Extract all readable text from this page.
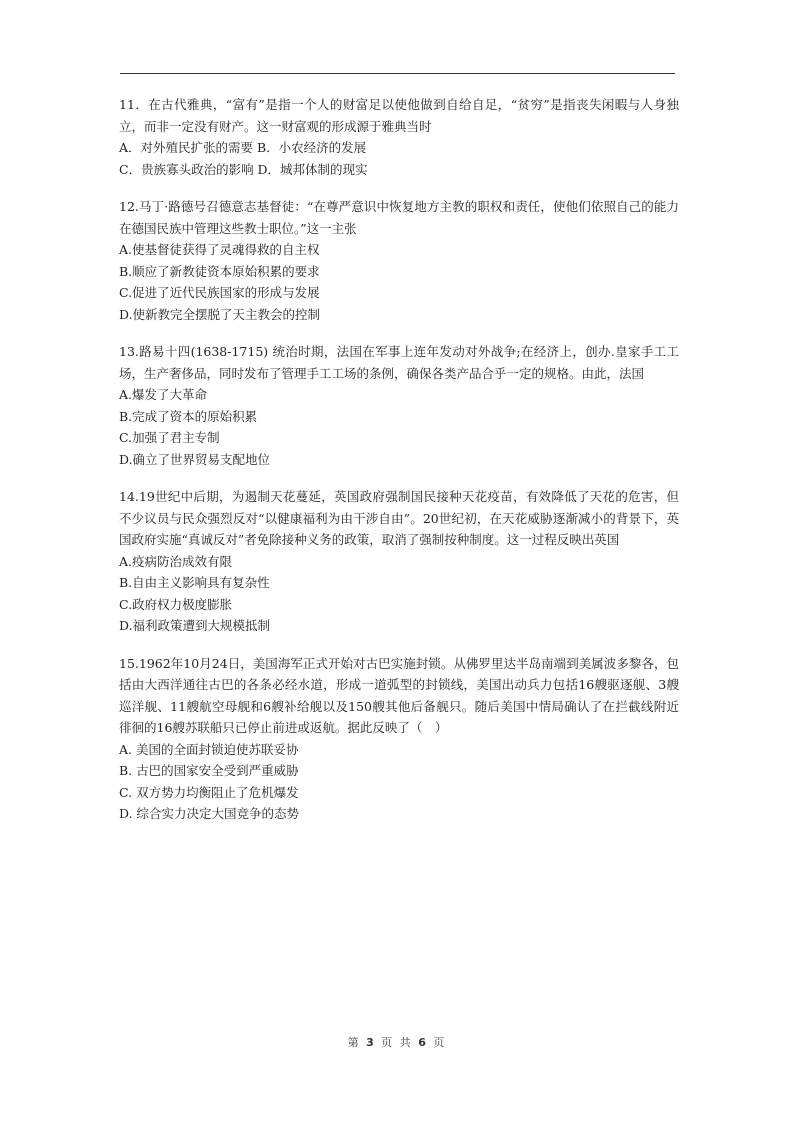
11．在古代雅典，“富有”是指一个人的财富足以使他做到自给自足，“贫穷”是指丧失闲暇与人身独立，而非一定没有财产。这一财富观的形成源于雅典当时
A．对外殖民扩张的需要 B．小农经济的发展
C．贵族寡头政治的影响 D．城邦体制的现实
12.马丁·路德号召德意志基督徒：“在尊严意识中恢复地方主教的职权和责任，使他们依照自己的能力在德国民族中管理这些教士职位。”这一主张
A.使基督徒获得了灵魂得救的自主权
B.顺应了新教徒资本原始积累的要求
C.促进了近代民族国家的形成与发展
D.使新教完全摆脱了天主教会的控制
13.路易十四(1638-1715) 统治时期，法国在军事上连年发动对外战争;在经济上，创办.皇家手工工场，生产奢侈品，同时发布了管理手工工场的条例，确保各类产品合乎一定的规格。由此，法国
A.爆发了大革命
B.完成了资本的原始积累
C.加强了君主专制
D.确立了世界贸易支配地位
14.19世纪中后期，为遏制天花蔓延，英国政府强制国民接种天花疫苗，有效降低了天花的危害，但不少议员与民众强烈反对“以健康福利为由干涉自由”。20世纪初，在天花威胁逐渐减小的背景下，英国政府实施“真诚反对”者免除接种义务的政策，取消了强制按种制度。这一过程反映出英国
A.疫病防治成效有限
B.自由主义影响具有复杂性
C.政府权力极度膨胀
D.福利政策遭到大规模抵制
15.1962年10月24日，美国海军正式开始对古巴实施封锁。从佛罗里达半岛南端到美属波多黎各，包括由大西洋通往古巴的各条必经水道，形成一道弧型的封锁线，美国出动兵力包括16艘驱逐舰、3艘巡洋舰、11艘航空母舰和6艘补给舰以及150艘其他后备舰只。随后美国中情局确认了在拦截线附近徘徊的16艘苏联船只已停止前进或返航。据此反映了（　）
A. 美国的全面封锁迫使苏联妥协
B. 古巴的国家安全受到严重威胁
C. 双方势力均衡阻止了危机爆发
D. 综合实力决定大国竞争的态势
第 3 页 共 6 页
